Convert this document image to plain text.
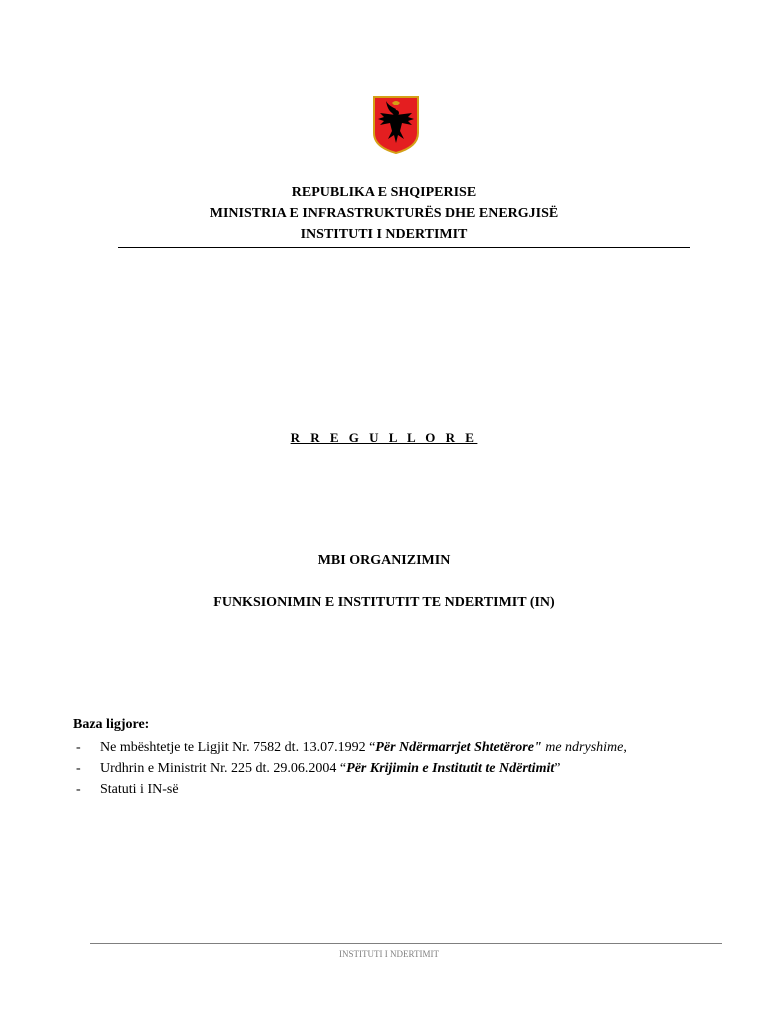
REPUBLIKA E SHQIPERISE
MINISTRIA E INFRASTRUKTURËS DHE ENERGJISË
INSTITUTI I NDERTIMIT
R R E G U L L O R E
MBI ORGANIZIMIN
FUNKSIONIMIN E INSTITUTIT TE NDERTIMIT (IN)
Baza ligjore:
-	Ne mbështetje te Ligjit Nr. 7582 dt. 13.07.1992 “Për Ndërmarrjet Shtetërore" me ndryshime,
-	Urdhrin e Ministrit Nr. 225 dt. 29.06.2004 “Për Krijimin e Institutit te Ndërtimit”
-	Statuti i IN-së
INSTITUTI I NDERTIMIT
